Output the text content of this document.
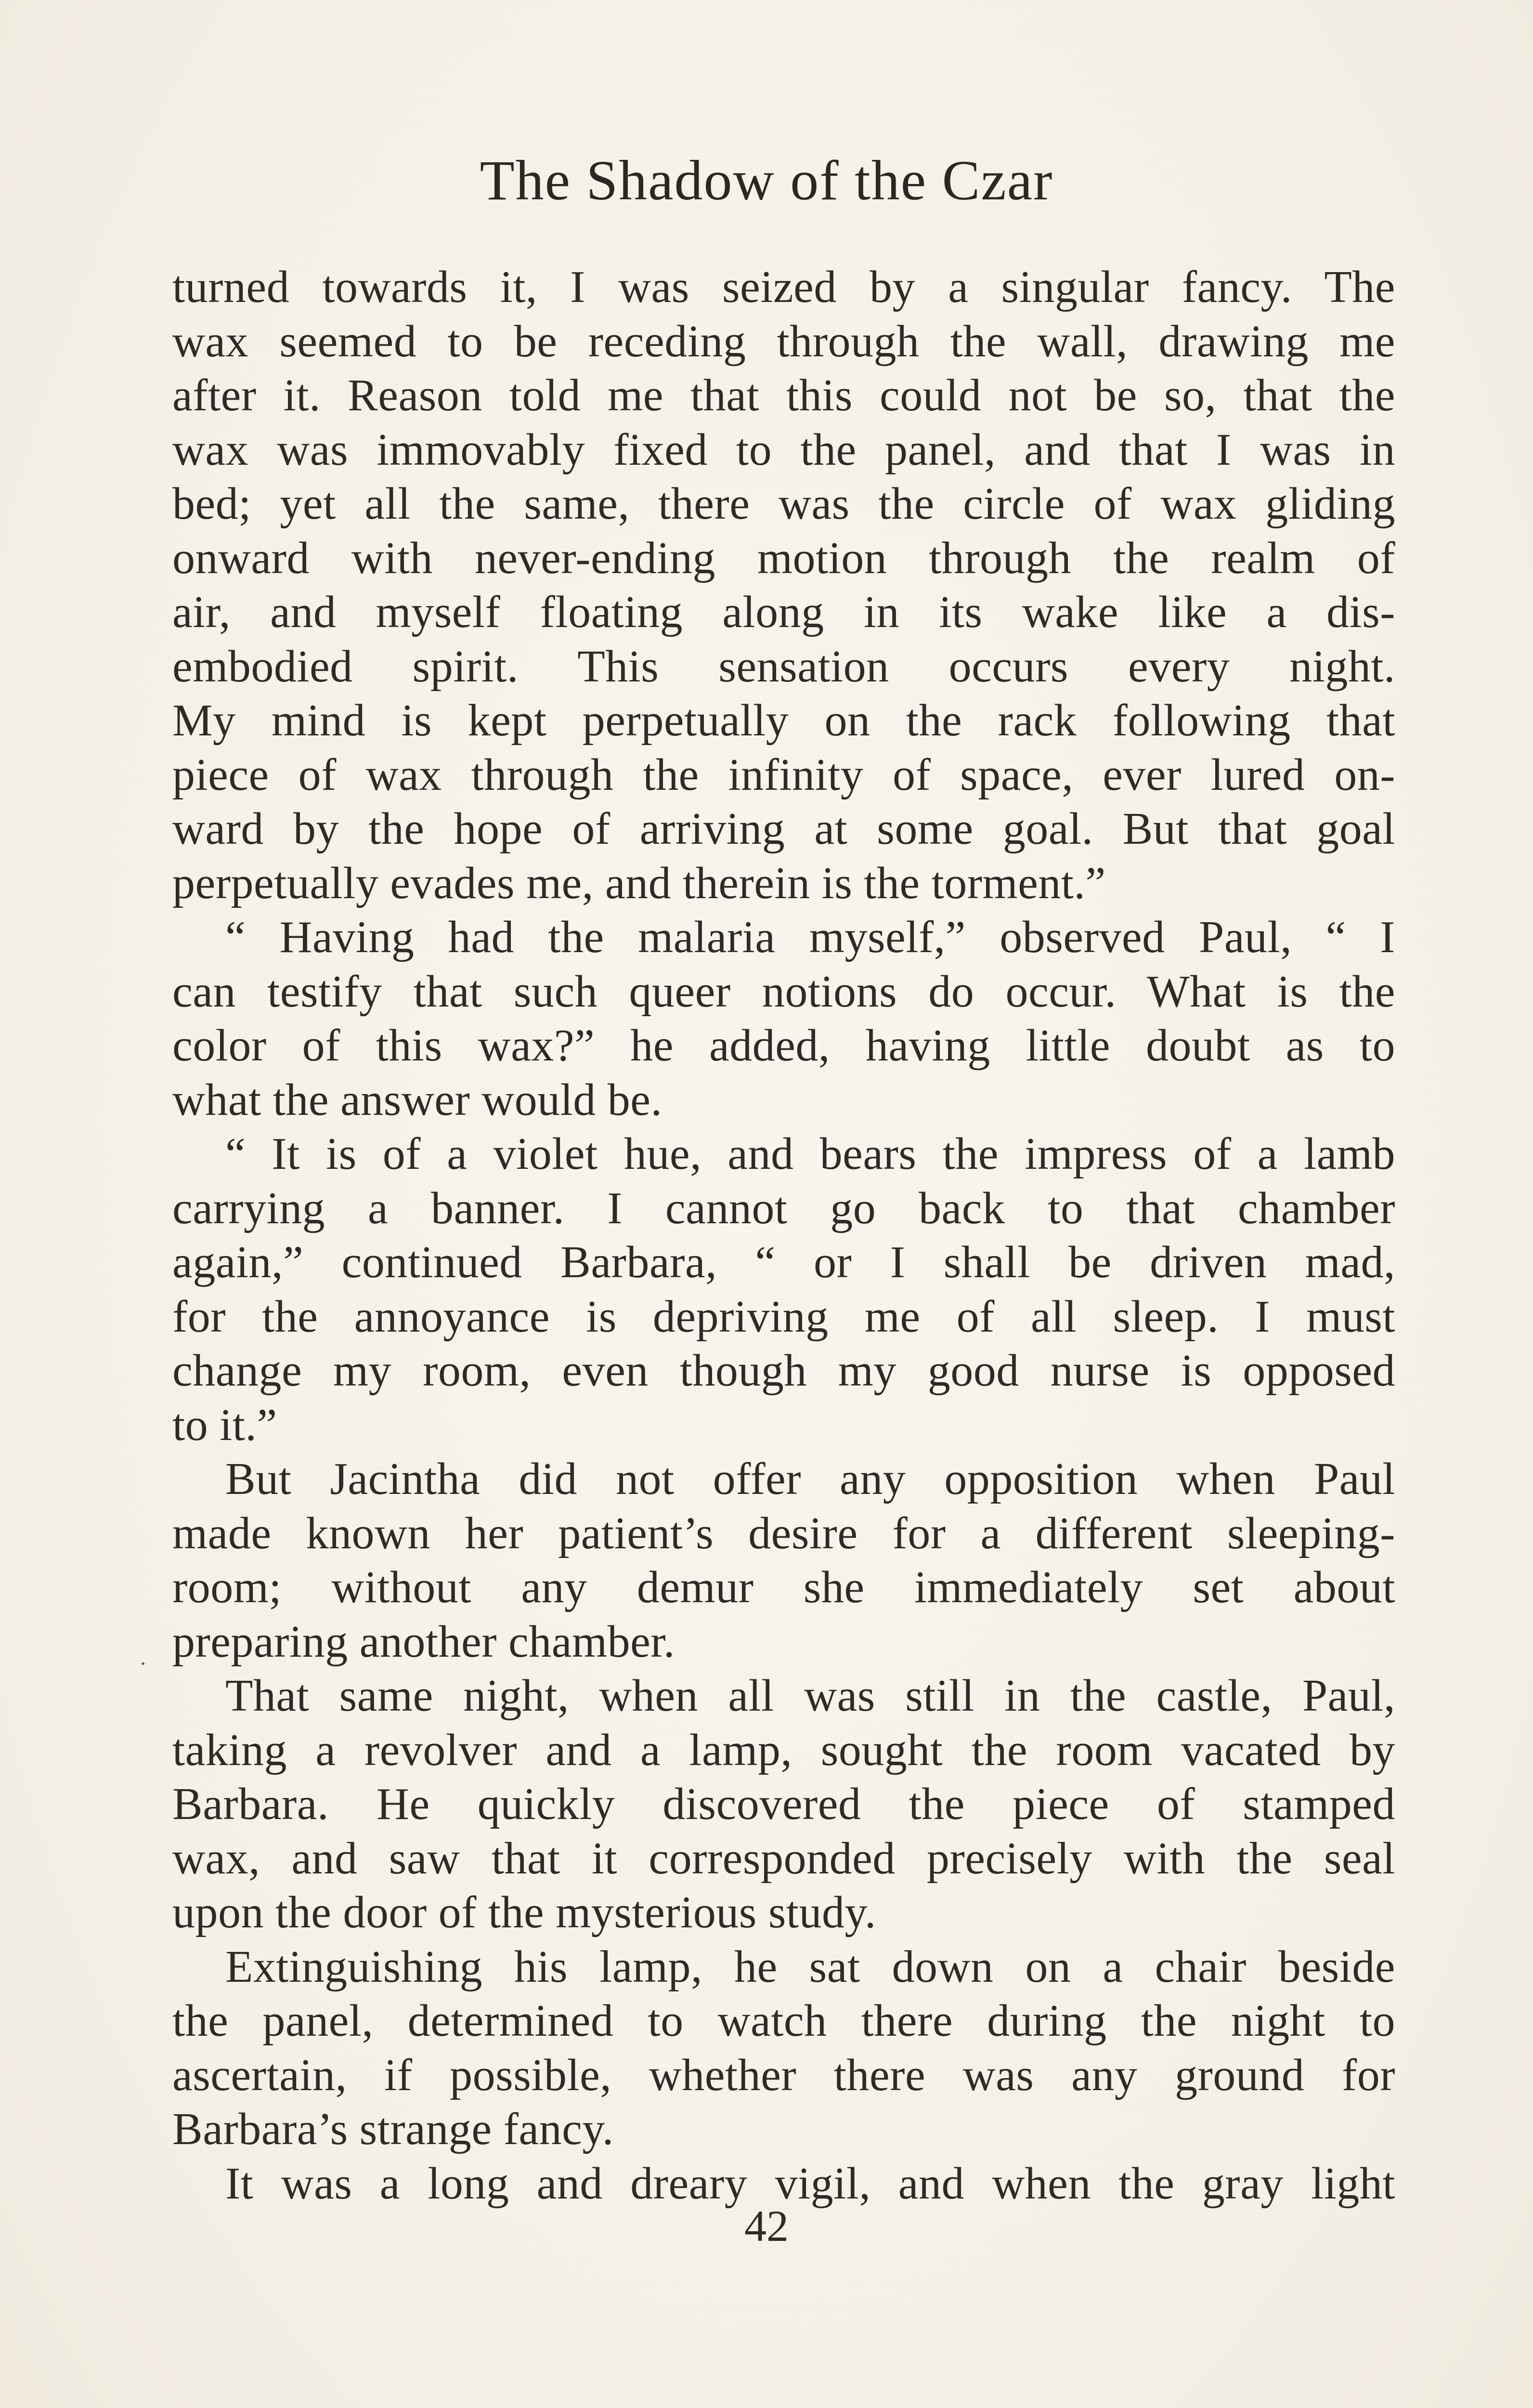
The Shadow of the Czar
turned towards it, I was seized by a singular fancy. The
wax seemed to be receding through the wall, drawing me
after it. Reason told me that this could not be so, that the
wax was immovably fixed to the panel, and that I was in
bed; yet all the same, there was the circle of wax gliding
onward with never-ending motion through the realm of
air, and myself floating along in its wake like a dis-
embodied spirit. This sensation occurs every night.
My mind is kept perpetually on the rack following that
piece of wax through the infinity of space, ever lured on-
ward by the hope of arriving at some goal. But that goal
perpetually evades me, and therein is the torment.”
“ Having had the malaria myself,” observed Paul, “ I
can testify that such queer notions do occur. What is the
color of this wax?” he added, having little doubt as to
what the answer would be.
“ It is of a violet hue, and bears the impress of a lamb
carrying a banner. I cannot go back to that chamber
again,” continued Barbara, “ or I shall be driven mad,
for the annoyance is depriving me of all sleep. I must
change my room, even though my good nurse is opposed
to it.”
But Jacintha did not offer any opposition when Paul
made known her patient’s desire for a different sleeping-
room; without any demur she immediately set about
preparing another chamber.
That same night, when all was still in the castle, Paul,
taking a revolver and a lamp, sought the room vacated by
Barbara. He quickly discovered the piece of stamped
wax, and saw that it corresponded precisely with the seal
upon the door of the mysterious study.
Extinguishing his lamp, he sat down on a chair beside
the panel, determined to watch there during the night to
ascertain, if possible, whether there was any ground for
Barbara’s strange fancy.
It was a long and dreary vigil, and when the gray light
42
